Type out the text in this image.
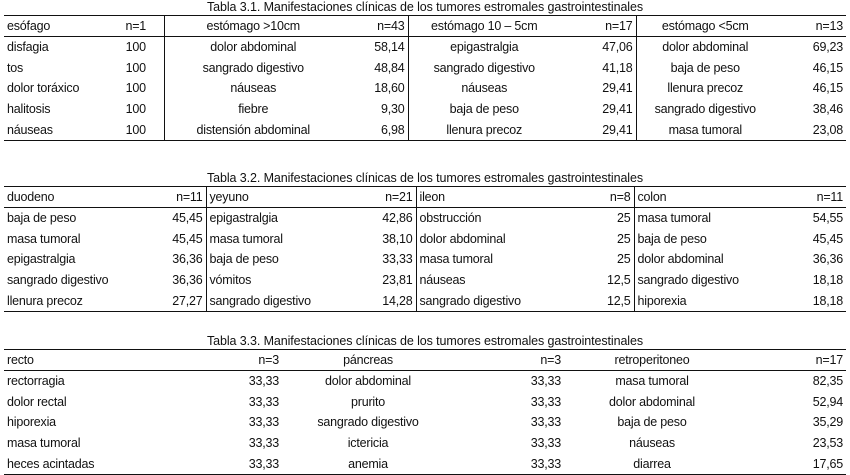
Tabla 3.1. Manifestaciones clínicas de los tumores estromales gastrointestinales
esófago	n=1	estómago >10cm	n=43	estómago 10 – 5cm	n=17	estómago <5cm	n=13
disfagia	100	dolor abdominal	58,14	epigastralgia	47,06	dolor abdominal	69,23
tos	100	sangrado digestivo	48,84	sangrado digestivo	41,18	baja de peso	46,15
dolor toráxico	100	náuseas	18,60	náuseas	29,41	llenura precoz	46,15
halitosis	100	fiebre	9,30	baja de peso	29,41	sangrado digestivo	38,46
náuseas	100	distensión abdominal	6,98	llenura precoz	29,41	masa tumoral	23,08
Tabla 3.2. Manifestaciones clínicas de los tumores estromales gastrointestinales
duodeno	n=11	yeyuno	n=21	ileon	n=8	colon	n=11
baja de peso	45,45	epigastralgia	42,86	obstrucción	25	masa tumoral	54,55
masa tumoral	45,45	masa tumoral	38,10	dolor abdominal	25	baja de peso	45,45
epigastralgia	36,36	baja de peso	33,33	masa tumoral	25	dolor abdominal	36,36
sangrado digestivo	36,36	vómitos	23,81	náuseas	12,5	sangrado digestivo	18,18
llenura precoz	27,27	sangrado digestivo	14,28	sangrado digestivo	12,5	hiporexia	18,18
Tabla 3.3. Manifestaciones clínicas de los tumores estromales gastrointestinales
recto	n=3	páncreas	n=3	retroperitoneo	n=17
rectorragia	33,33	dolor abdominal	33,33	masa tumoral	82,35
dolor rectal	33,33	prurito	33,33	dolor abdominal	52,94
hiporexia	33,33	sangrado digestivo	33,33	baja de peso	35,29
masa tumoral	33,33	ictericia	33,33	náuseas	23,53
heces acintadas	33,33	anemia	33,33	diarrea	17,65
